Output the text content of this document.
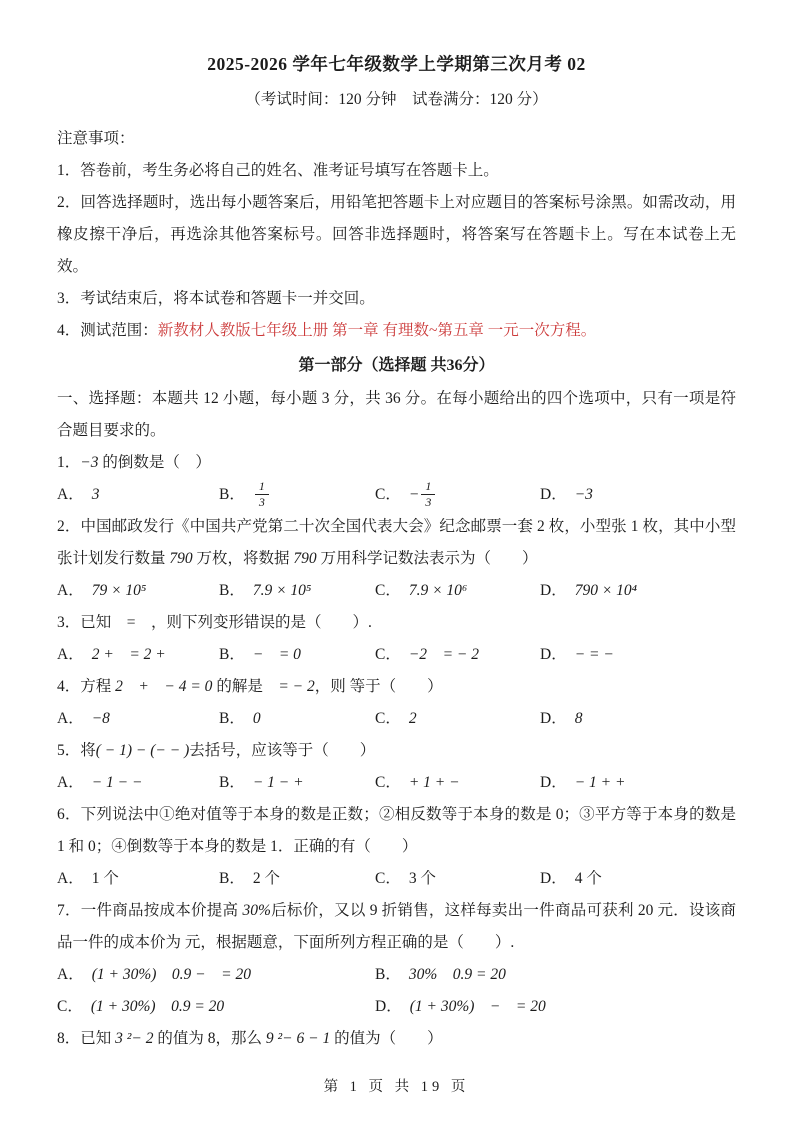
2025-2026 学年七年级数学上学期第三次月考 02
（考试时间：120 分钟　试卷满分：120 分）
注意事项：
1．答卷前，考生务必将自己的姓名、准考证号填写在答题卡上。
2．回答选择题时，选出每小题答案后，用铅笔把答题卡上对应题目的答案标号涂黑。如需改动，用橡皮擦干净后，再选涂其他答案标号。回答非选择题时，将答案写在答题卡上。写在本试卷上无效。
3．考试结束后，将本试卷和答题卡一并交回。
4．测试范围：新教材人教版七年级上册 第一章 有理数~第五章 一元一次方程。
第一部分（选择题 共36分）
一、选择题：本题共 12 小题，每小题 3 分，共 36 分。在每小题给出的四个选项中，只有一项是符合题目要求的。
1．−3 的倒数是（　）
A． 3	B． $\frac{1}{3}$	C． − $\frac{1}{3}$	D． −3
2．中国邮政发行《中国共产党第二十次全国代表大会》纪念邮票一套 2 枚，小型张 1 枚，其中小型张计划发行数量 790 万枚，将数据 790 万用科学记数法表示为（　　）
A． 79 × 10⁵	B． 7.9 × 10⁵	C． 7.9 × 10⁶	D． 790 × 10⁴
3．已知　=　，则下列变形错误的是（　　）.
A． 2 +　 = 2 +	B． −　 = 0	C． −2　 = − 2	D． − = −
4．方程 2　 +　 − 4 = 0 的解是　= − 2，则 等于（　　）
A． −8	B． 0	C． 2	D． 8
5．将( − 1) − (− − )去括号，应该等于（　　）
A． − 1 − −	B． − 1 − +	C． + 1 + −	D． − 1 + +
6．下列说法中①绝对值等于本身的数是正数；②相反数等于本身的数是 0；③平方等于本身的数是 1 和 0；④倒数等于本身的数是 1．正确的有（　　）
A． 1 个	B． 2 个	C． 3 个	D． 4 个
7．一件商品按成本价提高 30%后标价，又以 9 折销售，这样每卖出一件商品可获利 20 元．设该商品一件的成本价为 元，根据题意，下面所列方程正确的是（　　）.
A． (1 + 30%)　 0.9 −　 = 20	B． 30%　 0.9 = 20
C． (1 + 30%)　 0.9 = 20	D． (1 + 30%)　 −　 = 20
8．已知 3 ²− 2 的值为 8，那么 9 ²− 6 − 1 的值为（　　）
第 1 页 共 19 页
